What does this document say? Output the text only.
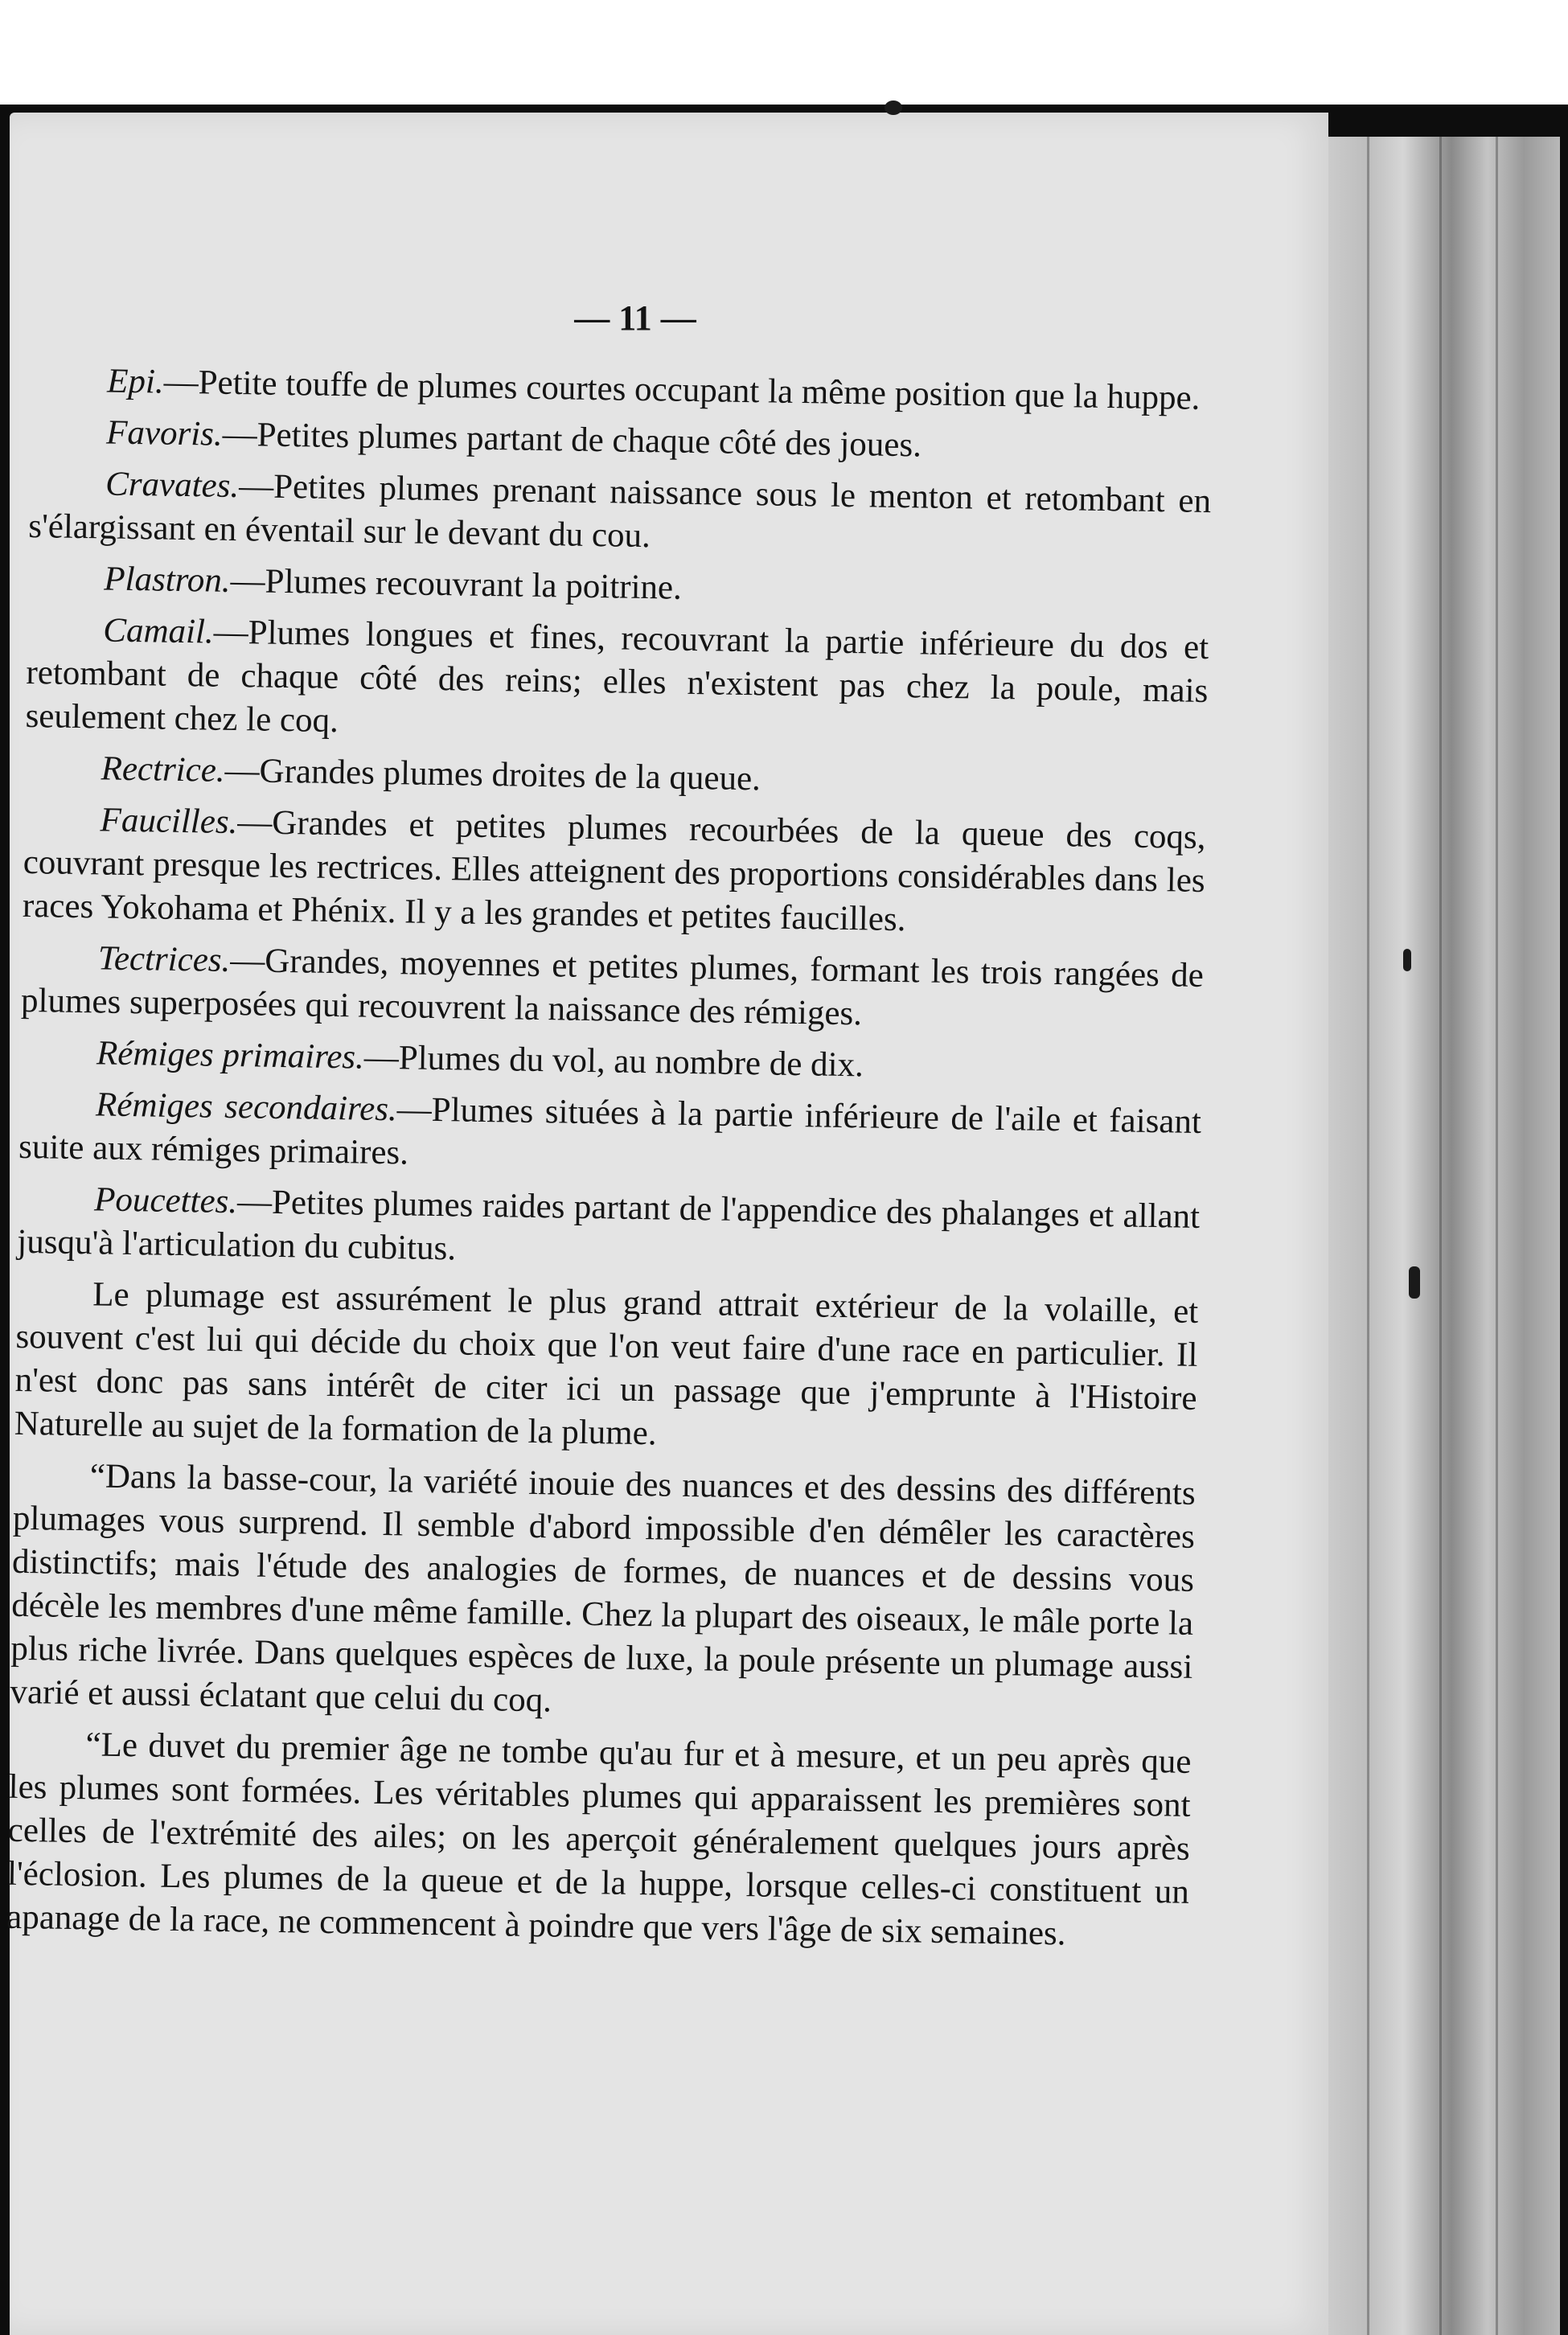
— 11 —

Epi.—Petite touffe de plumes courtes occupant la même position que la huppe.

Favoris.—Petites plumes partant de chaque côté des joues.

Cravates.—Petites plumes prenant naissance sous le menton et retombant en s'élargissant en éventail sur le devant du cou.

Plastron.—Plumes recouvrant la poitrine.

Camail.—Plumes longues et fines, recouvrant la partie inférieure du dos et retombant de chaque côté des reins; elles n'existent pas chez la poule, mais seulement chez le coq.

Rectrice.—Grandes plumes droites de la queue.

Faucilles.—Grandes et petites plumes recourbées de la queue des coqs, couvrant presque les rectrices. Elles atteignent des proportions considérables dans les races Yokohama et Phénix. Il y a les grandes et petites faucilles.

Tectrices.—Grandes, moyennes et petites plumes, formant les trois rangées de plumes superposées qui recouvrent la naissance des rémiges.

Rémiges primaires.—Plumes du vol, au nombre de dix.

Rémiges secondaires.—Plumes situées à la partie inférieure de l'aile et faisant suite aux rémiges primaires.

Poucettes.—Petites plumes raides partant de l'appendice des phalanges et allant jusqu'à l'articulation du cubitus.

Le plumage est assurément le plus grand attrait extérieur de la volaille, et souvent c'est lui qui décide du choix que l'on veut faire d'une race en particulier. Il n'est donc pas sans intérêt de citer ici un passage que j'emprunte à l'Histoire Naturelle au sujet de la formation de la plume.

“Dans la basse-cour, la variété inouie des nuances et des dessins des différents plumages vous surprend. Il semble d'abord impossible d'en démêler les caractères distinctifs; mais l'étude des analogies de formes, de nuances et de dessins vous décèle les membres d'une même famille. Chez la plupart des oiseaux, le mâle porte la plus riche livrée. Dans quelques espèces de luxe, la poule présente un plumage aussi varié et aussi éclatant que celui du coq.

“Le duvet du premier âge ne tombe qu'au fur et à mesure, et un peu après que les plumes sont formées. Les véritables plumes qui apparaissent les premières sont celles de l'extrémité des ailes; on les aperçoit généralement quelques jours après l'éclosion. Les plumes de la queue et de la huppe, lorsque celles-ci constituent un apanage de la race, ne commencent à poindre que vers l'âge de six semaines.
